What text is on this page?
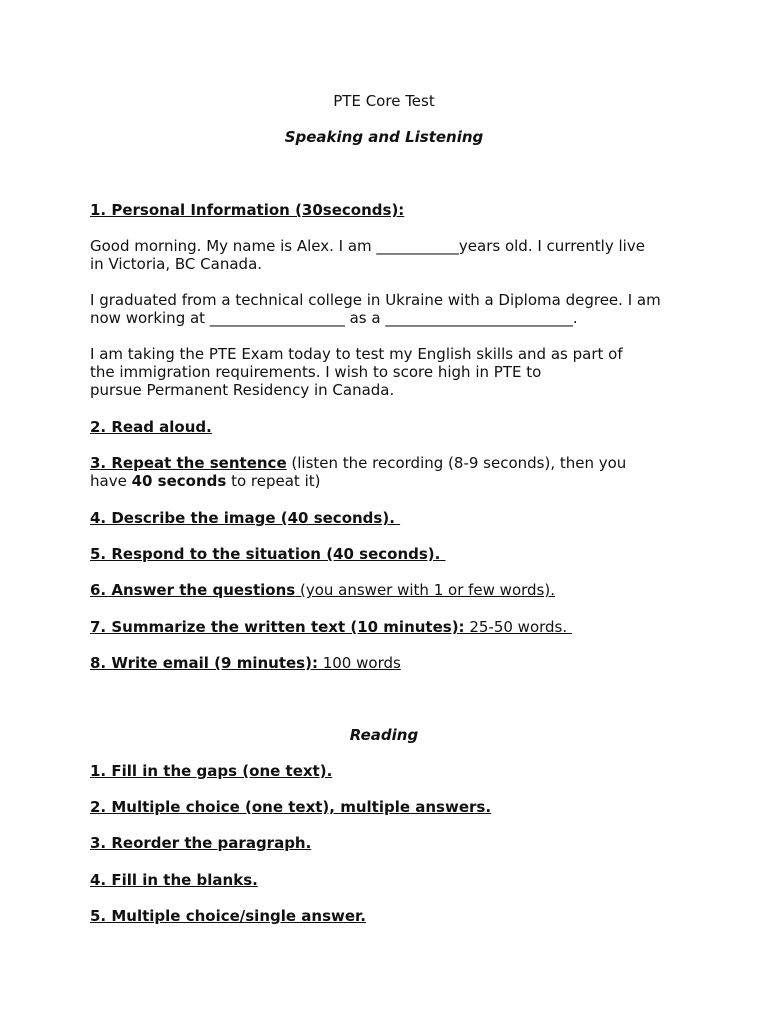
PTE Core Test
Speaking and Listening
1. Personal Information (30seconds):
Good morning. My name is Alex. I am ___________years old. I currently live
in Victoria, BC Canada.
I graduated from a technical college in Ukraine with a Diploma degree. I am
now working at __________________ as a _________________________.
I am taking the PTE Exam today to test my English skills and as part of
the immigration requirements. I wish to score high in PTE to
pursue Permanent Residency in Canada.
2. Read aloud.
3. Repeat the sentence (listen the recording (8-9 seconds), then you
have 40 seconds to repeat it)
4. Describe the image (40 seconds).
5. Respond to the situation (40 seconds).
6. Answer the questions (you answer with 1 or few words).
7. Summarize the written text (10 minutes): 25-50 words.
8. Write email (9 minutes): 100 words
Reading
1. Fill in the gaps (one text).
2. Multiple choice (one text), multiple answers.
3. Reorder the paragraph.
4. Fill in the blanks.
5. Multiple choice/single answer.
